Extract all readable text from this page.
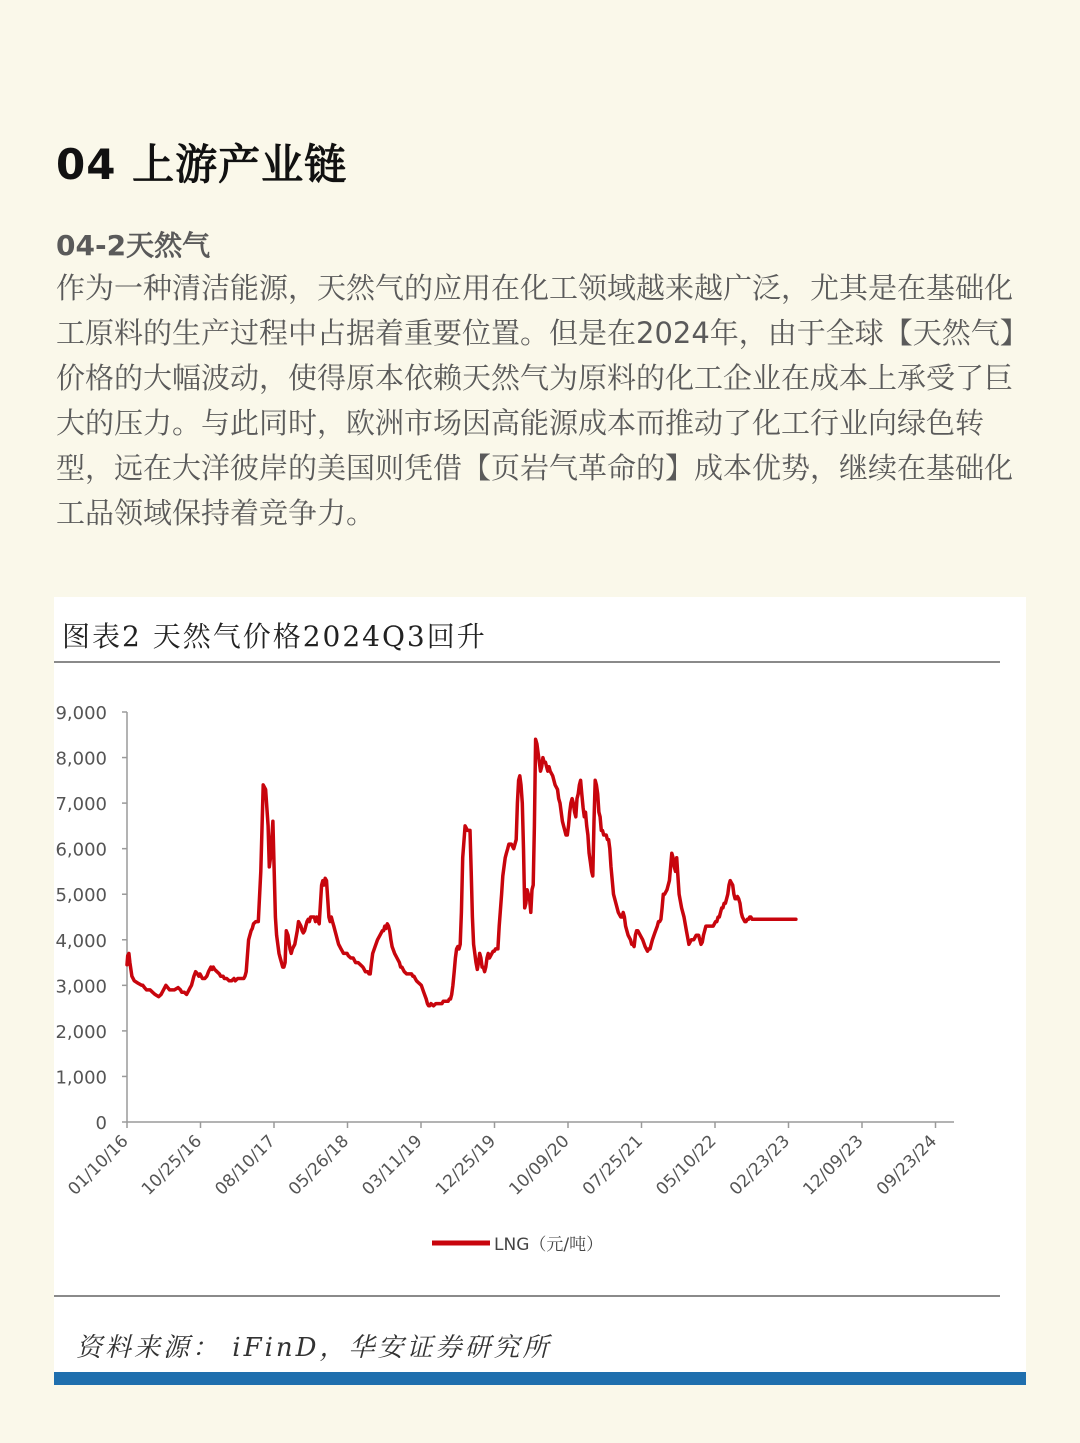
04 上游产业链
04-2天然气

作为一种清洁能源，天然气的应用在化工领域越来越广泛，尤其是在基础化工原料的生产过程中占据着重要位置。但是在2024年，由于全球【天然气】价格的大幅波动，使得原本依赖天然气为原料的化工企业在成本上承受了巨大的压力。与此同时，欧洲市场因高能源成本而推动了化工行业向绿色转型，远在大洋彼岸的美国则凭借【页岩气革命的】成本优势，继续在基础化工品领域保持着竞争力。

图表2 天然气价格2024Q3回升
9,000
8,000
7,000
6,000
5,000
4,000
3,000
2,000
1,000
0
01/10/16 10/25/16 08/10/17 05/26/18 03/11/19 12/25/19 10/09/20 07/25/21 05/10/22 02/23/23 12/09/23 09/23/24
LNG（元/吨）
资料来源： iFinD，华安证券研究所
